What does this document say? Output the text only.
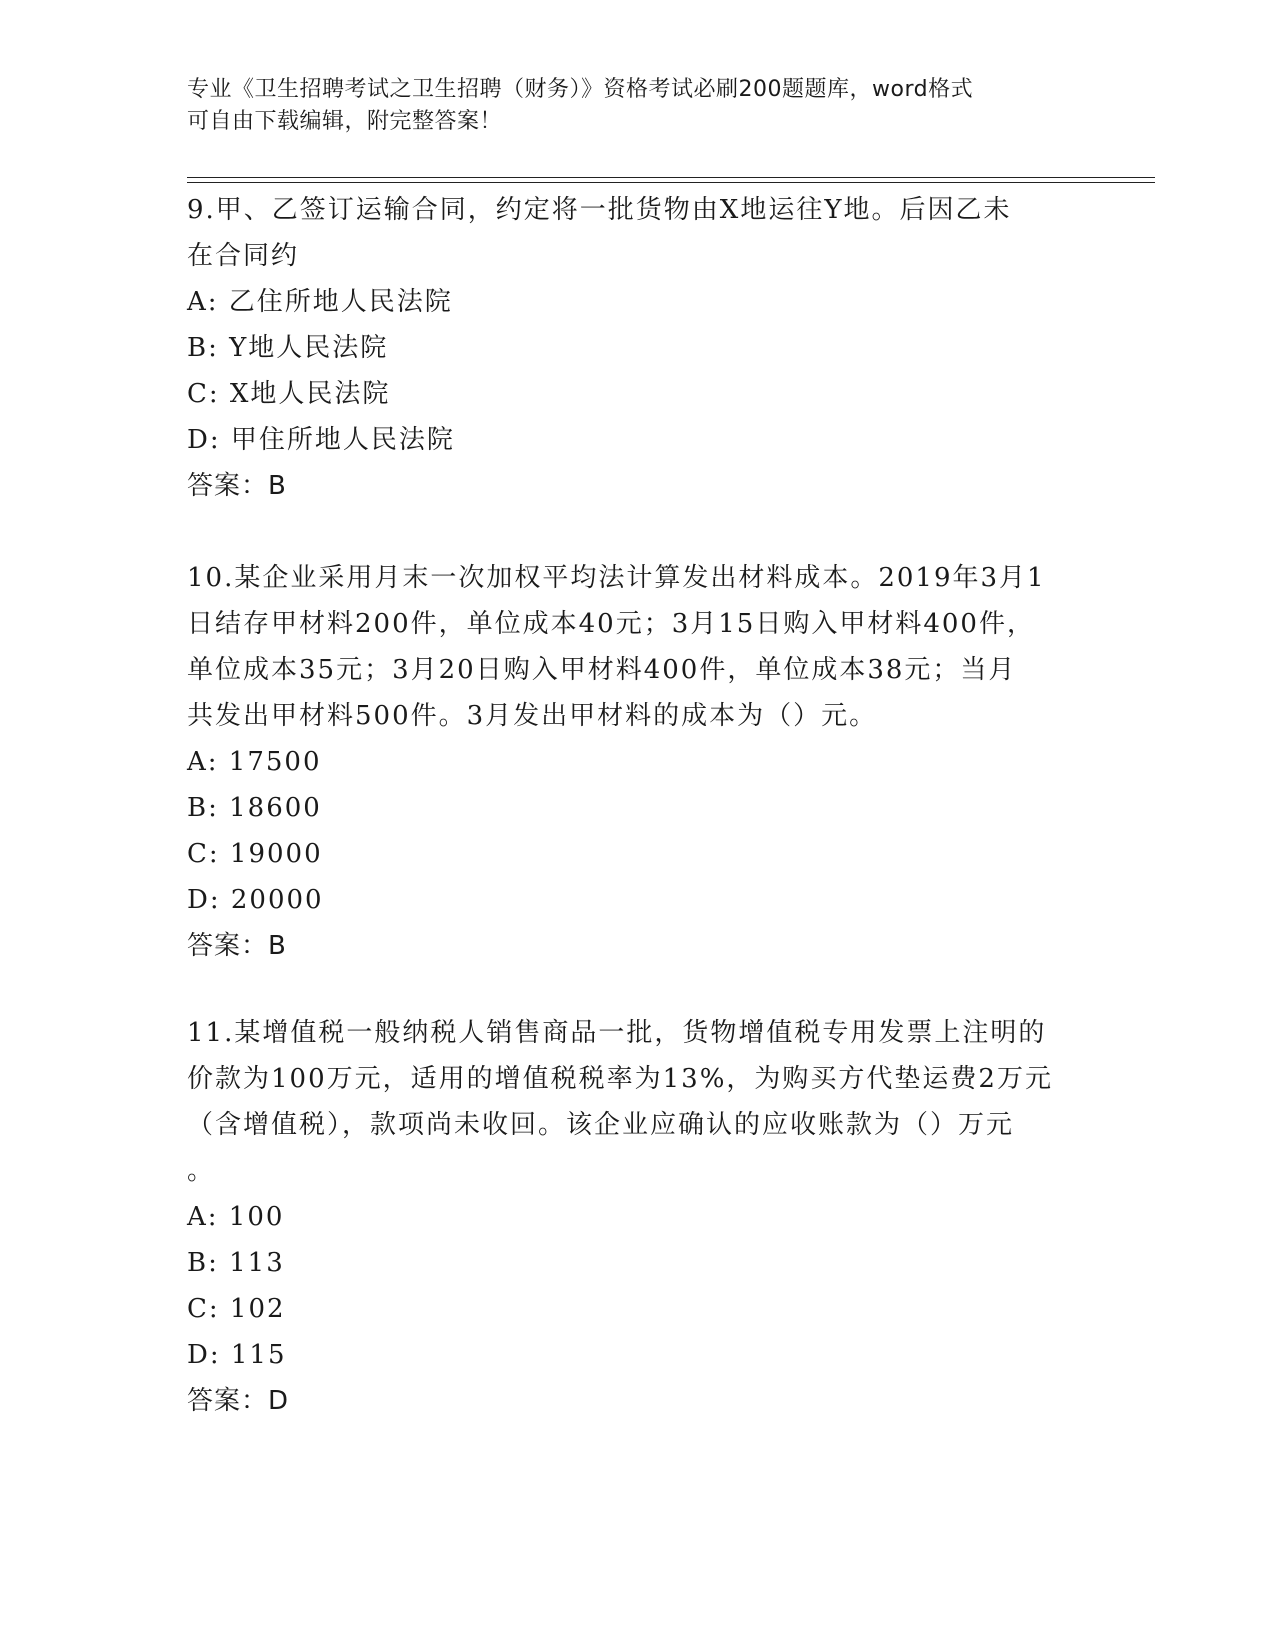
专业《卫生招聘考试之卫生招聘（财务）》资格考试必刷200题题库，word格式
可自由下载编辑，附完整答案！
9.甲、乙签订运输合同，约定将一批货物由X地运往Y地。后因乙未
在合同约
A: 乙住所地人民法院
B: Y地人民法院
C: X地人民法院
D: 甲住所地人民法院
答案：B
10.某企业采用月末一次加权平均法计算发出材料成本。2019年3月1
日结存甲材料200件，单位成本40元；3月15日购入甲材料400件，
单位成本35元；3月20日购入甲材料400件，单位成本38元；当月
共发出甲材料500件。3月发出甲材料的成本为（）元。
A: 17500
B: 18600
C: 19000
D: 20000
答案：B
11.某增值税一般纳税人销售商品一批，货物增值税专用发票上注明的
价款为100万元，适用的增值税税率为13%，为购买方代垫运费2万元
（含增值税），款项尚未收回。该企业应确认的应收账款为（）万元
。
A: 100
B: 113
C: 102
D: 115
答案：D
